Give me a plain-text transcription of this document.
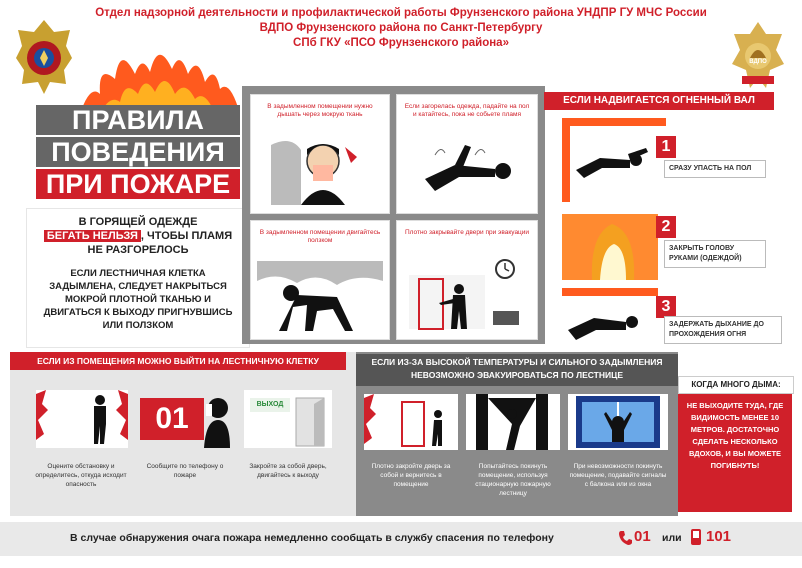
Отдел надзорной деятельности и профилактической работы Фрунзенского района УНДПР ГУ МЧС России
ВДПО Фрунзенского района по Санкт-Петербургу
СПб ГКУ «ПСО Фрунзенского района»
ВДПО
ПРАВИЛА
ПОВЕДЕНИЯ
ПРИ ПОЖАРЕ
В ГОРЯЩЕЙ ОДЕЖДЕ
БЕГАТЬ НЕЛЬЗЯ , ЧТОБЫ ПЛАМЯ
НЕ РАЗГОРЕЛОСЬ
ЕСЛИ ЛЕСТНИЧНАЯ КЛЕТКА ЗАДЫМЛЕНА, СЛЕДУЕТ НАКРЫТЬСЯ МОКРОЙ ПЛОТНОЙ ТКАНЬЮ И ДВИГАТЬСЯ К ВЫХОДУ ПРИГНУВШИСЬ ИЛИ ПОЛЗКОМ
В задымленном помещении нужно дышать через мокрую ткань
Если загорелась одежда, падайте на пол и катайтесь, пока не собьете пламя
В задымленном помещении двигайтесь ползком
Плотно закрывайте двери при эвакуации
ЕСЛИ НАДВИГАЕТСЯ ОГНЕННЫЙ ВАЛ
1
СРАЗУ УПАСТЬ НА ПОЛ
2
ЗАКРЫТЬ ГОЛОВУ РУКАМИ (ОДЕЖДОЙ)
3
ЗАДЕРЖАТЬ ДЫХАНИЕ ДО ПРОХОЖДЕНИЯ ОГНЯ
ЕСЛИ ИЗ ПОМЕЩЕНИЯ МОЖНО ВЫЙТИ НА ЛЕСТНИЧНУЮ КЛЕТКУ
01	ВЫХОД
Оцените обстановку и определитесь, откуда исходит опасность
Сообщите по телефону о пожаре
Закройте за собой дверь, двигайтесь к выходу
ЕСЛИ ИЗ-ЗА ВЫСОКОЙ ТЕМПЕРАТУРЫ И СИЛЬНОГО ЗАДЫМЛЕНИЯ НЕВОЗМОЖНО ЭВАКУИРОВАТЬСЯ ПО ЛЕСТНИЦЕ
Плотно закройте дверь за собой и вернитесь в помещение
Попытайтесь покинуть помещение, используя стационарную пожарную лестницу
При невозможности покинуть помещение, подавайте сигналы с балкона или из окна
КОГДА МНОГО ДЫМА:
НЕ ВЫХОДИТЕ ТУДА, ГДЕ ВИДИМОСТЬ МЕНЕЕ 10 МЕТРОВ. ДОСТАТОЧНО СДЕЛАТЬ НЕСКОЛЬКО ВДОХОВ, И ВЫ МОЖЕТЕ ПОГИБНУТЬ!
В случае обнаружения очага пожара немедленно сообщать в службу спасения по телефону	01 или 101
